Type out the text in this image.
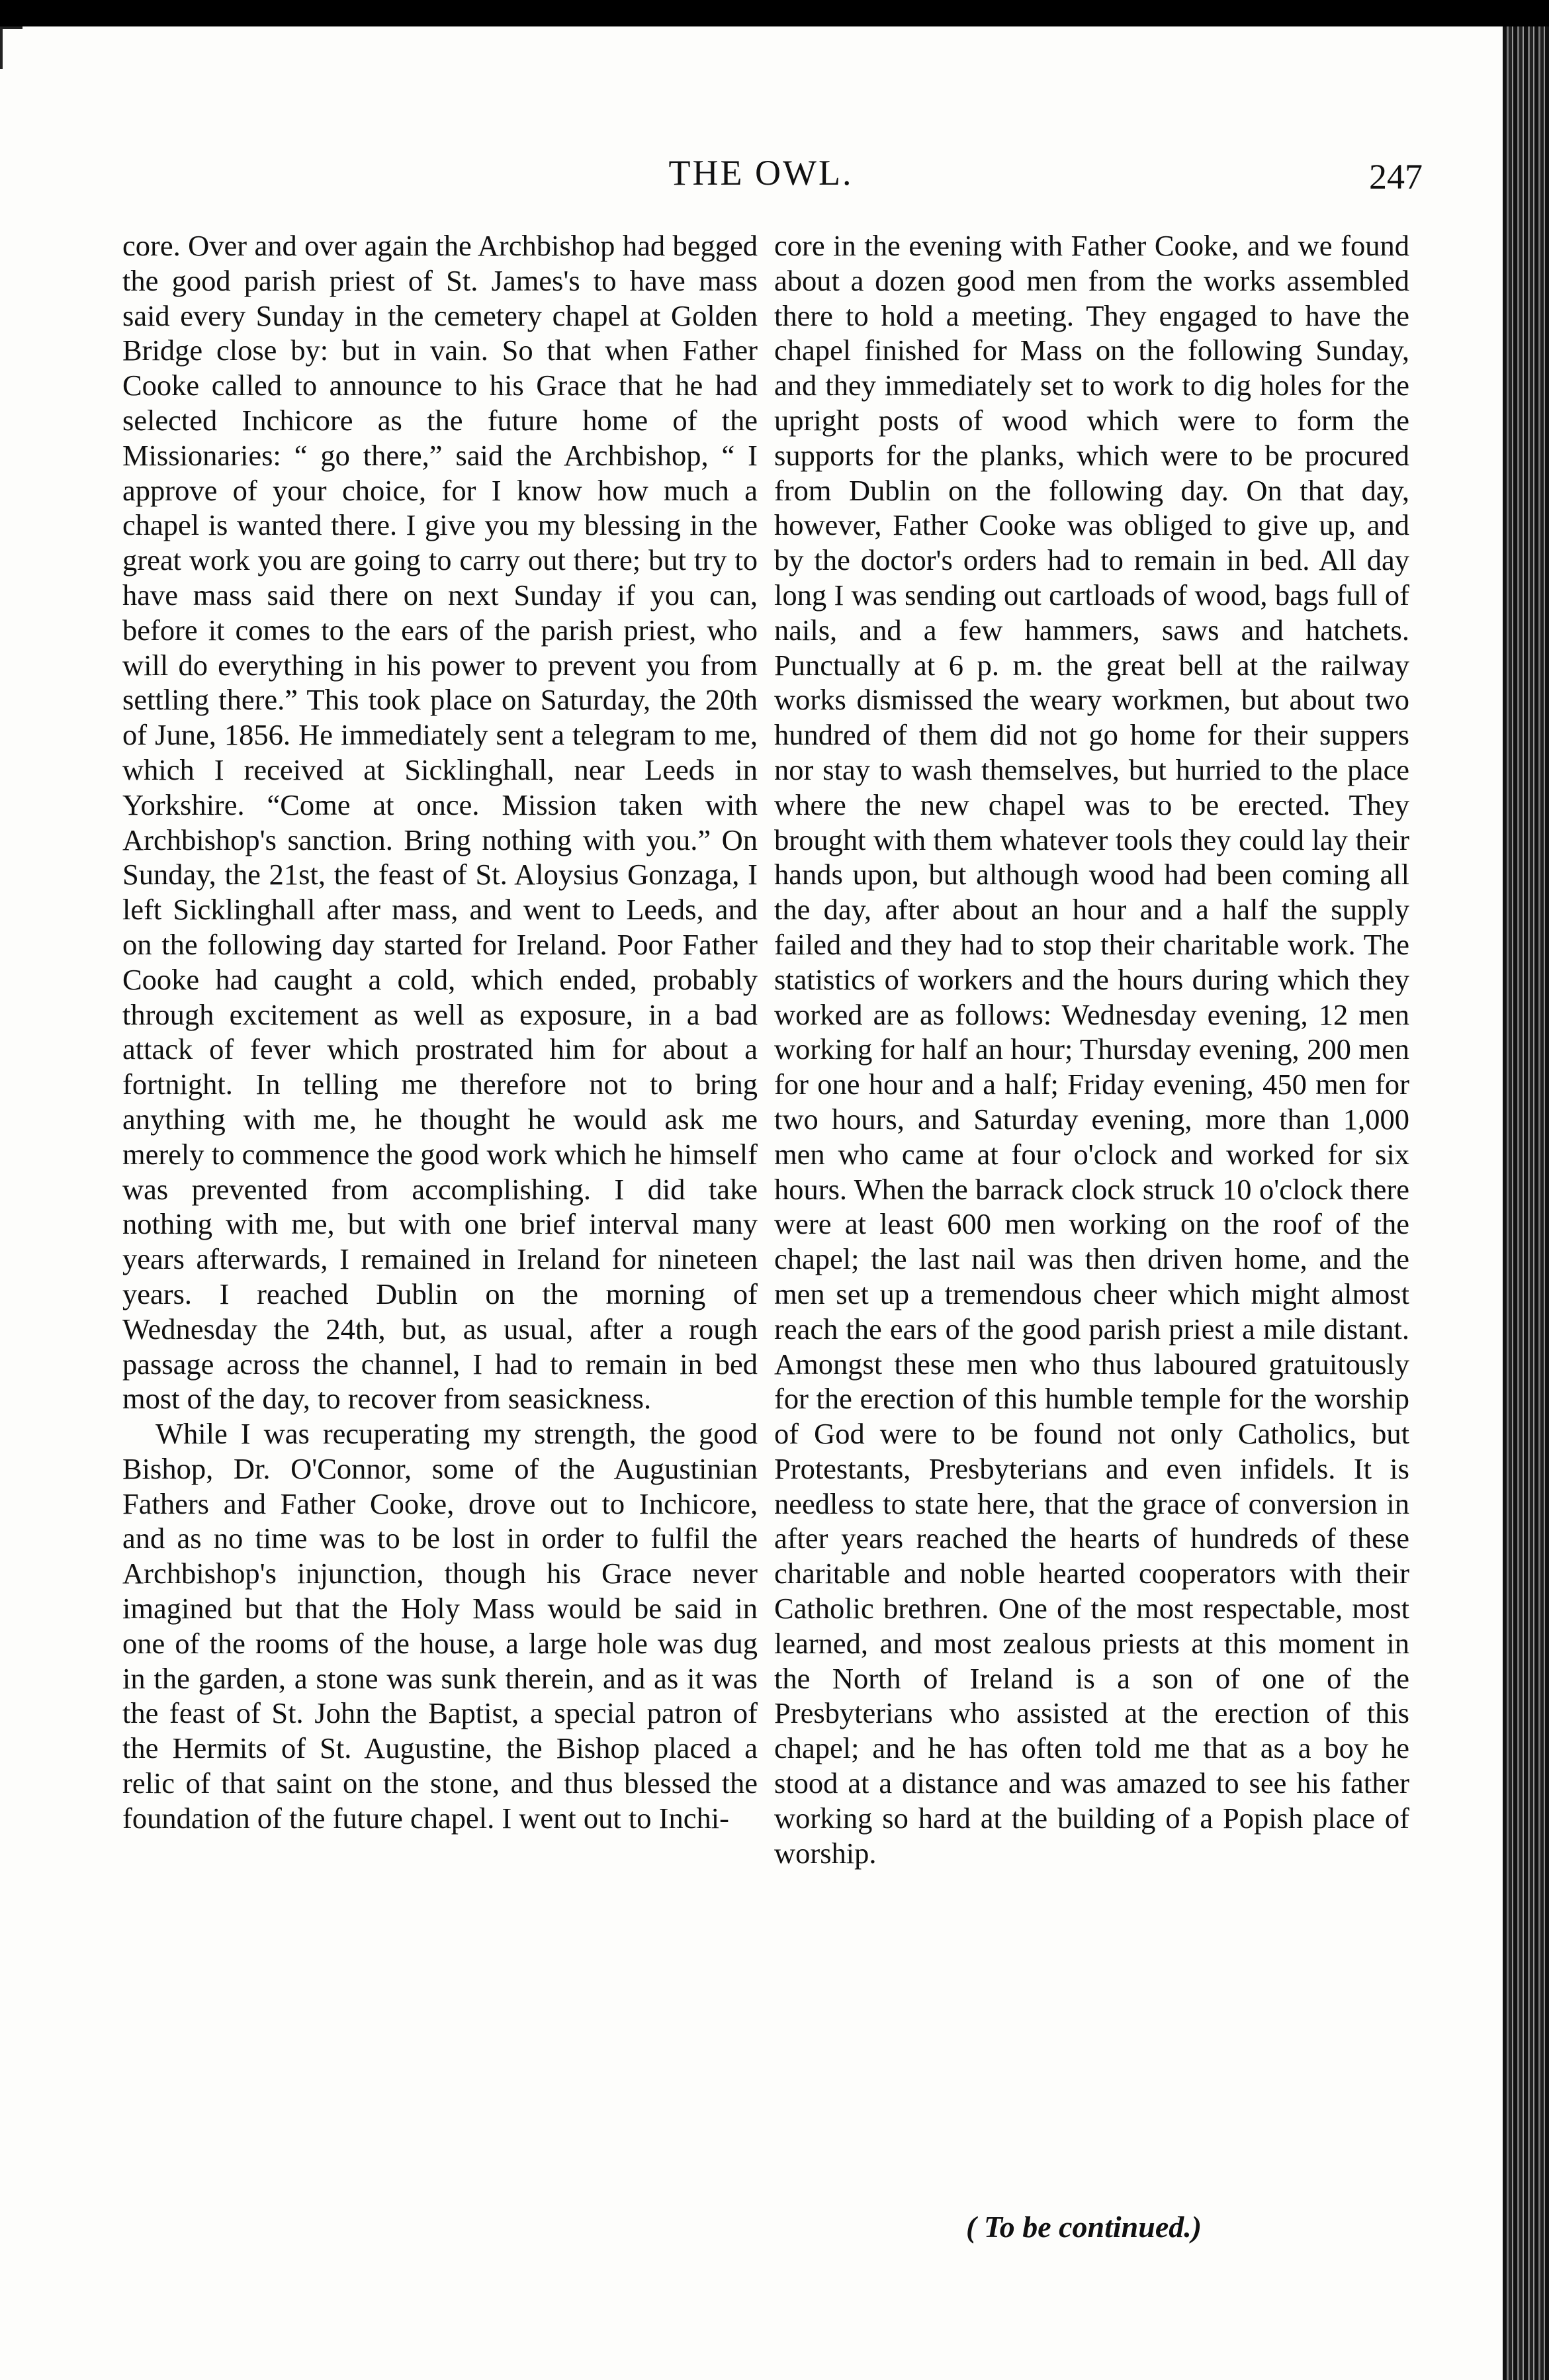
THE OWL.	247

core. Over and over again the Archbishop had begged the good parish priest of St. James's to have mass said every Sunday in the cemetery chapel at Golden Bridge close by: but in vain. So that when Father Cooke called to announce to his Grace that he had selected Inchicore as the future home of the Missionaries: “ go there,” said the Archbishop, “ I approve of your choice, for I know how much a chapel is wanted there. I give you my blessing in the great work you are going to carry out there; but try to have mass said there on next Sunday if you can, before it comes to the ears of the parish priest, who will do everything in his power to prevent you from settling there.” This took place on Saturday, the 20th of June, 1856. He immediately sent a telegram to me, which I received at Sicklinghall, near Leeds in Yorkshire. “Come at once. Mission taken with Archbishop's sanction. Bring nothing with you.” On Sunday, the 21st, the feast of St. Aloysius Gonzaga, I left Sicklinghall after mass, and went to Leeds, and on the following day started for Ireland. Poor Father Cooke had caught a cold, which ended, probably through excitement as well as exposure, in a bad attack of fever which prostrated him for about a fortnight. In telling me therefore not to bring anything with me, he thought he would ask me merely to commence the good work which he himself was prevented from accomplishing. I did take nothing with me, but with one brief interval many years afterwards, I remained in Ireland for nineteen years. I reached Dublin on the morning of Wednesday the 24th, but, as usual, after a rough passage across the channel, I had to remain in bed most of the day, to recover from seasickness.

While I was recuperating my strength, the good Bishop, Dr. O'Connor, some of the Augustinian Fathers and Father Cooke, drove out to Inchicore, and as no time was to be lost in order to fulfil the Archbishop's injunction, though his Grace never imagined but that the Holy Mass would be said in one of the rooms of the house, a large hole was dug in the garden, a stone was sunk therein, and as it was the feast of St. John the Baptist, a special patron of the Hermits of St. Augustine, the Bishop placed a relic of that saint on the stone, and thus blessed the foundation of the future chapel. I went out to Inchi-

core in the evening with Father Cooke, and we found about a dozen good men from the works assembled there to hold a meeting. They engaged to have the chapel finished for Mass on the following Sunday, and they immediately set to work to dig holes for the upright posts of wood which were to form the supports for the planks, which were to be procured from Dublin on the following day. On that day, however, Father Cooke was obliged to give up, and by the doctor's orders had to remain in bed. All day long I was sending out cartloads of wood, bags full of nails, and a few hammers, saws and hatchets. Punctually at 6 p. m. the great bell at the railway works dismissed the weary workmen, but about two hundred of them did not go home for their suppers nor stay to wash themselves, but hurried to the place where the new chapel was to be erected. They brought with them whatever tools they could lay their hands upon, but although wood had been coming all the day, after about an hour and a half the supply failed and they had to stop their charitable work. The statistics of workers and the hours during which they worked are as follows: Wednesday evening, 12 men working for half an hour; Thursday evening, 200 men for one hour and a half; Friday evening, 450 men for two hours, and Saturday evening, more than 1,000 men who came at four o'clock and worked for six hours. When the barrack clock struck 10 o'clock there were at least 600 men working on the roof of the chapel; the last nail was then driven home, and the men set up a tremendous cheer which might almost reach the ears of the good parish priest a mile distant. Amongst these men who thus laboured gratuitously for the erection of this humble temple for the worship of God were to be found not only Catholics, but Protestants, Presbyterians and even infidels. It is needless to state here, that the grace of conversion in after years reached the hearts of hundreds of these charitable and noble hearted cooperators with their Catholic brethren. One of the most respectable, most learned, and most zealous priests at this moment in the North of Ireland is a son of one of the Presbyterians who assisted at the erection of this chapel; and he has often told me that as a boy he stood at a distance and was amazed to see his father working so hard at the building of a Popish place of worship.

( To be continued.)
